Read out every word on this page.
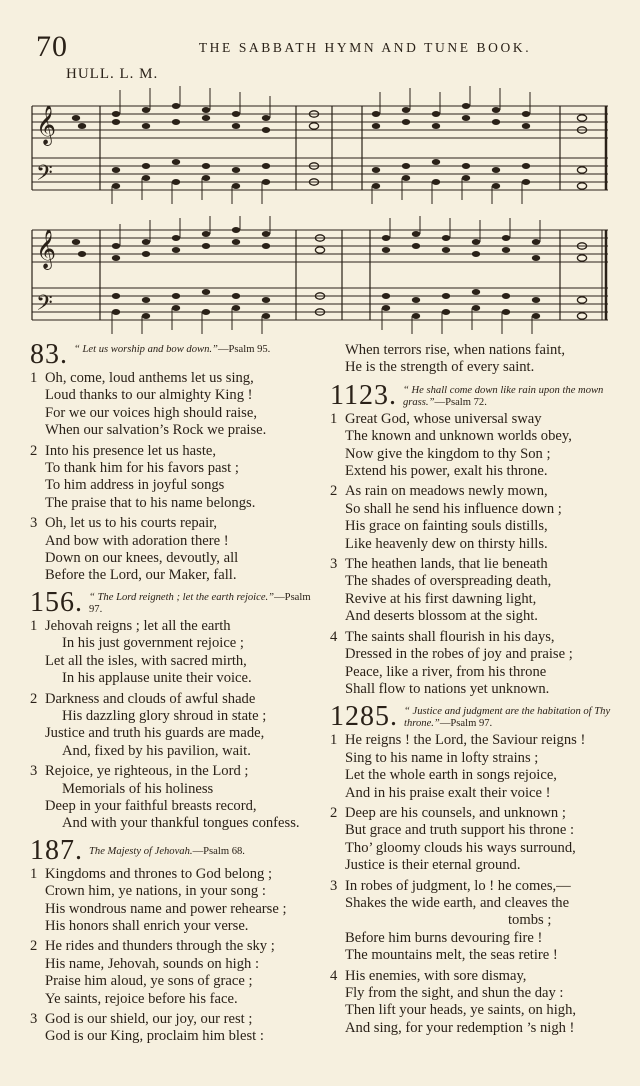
70	THE SABBATH HYMN AND TUNE BOOK.
HULL. L. M.
𝄞
𝄢
𝄞
𝄢
83. “ Let us worship and bow down.”—Psalm 95.
1 Oh, come, loud anthems let us sing,
Loud thanks to our almighty King !
For we our voices high should raise,
When our salvation’s Rock we praise.
2 Into his presence let us haste,
To thank him for his favors past ;
To him address in joyful songs
The praise that to his name belongs.
3 Oh, let us to his courts repair,
And bow with adoration there !
Down on our knees, devoutly, all
Before the Lord, our Maker, fall.
156. “ The Lord reigneth ; let the earth rejoice.”—Psalm 97.
1 Jehovah reigns ; let all the earth
In his just government rejoice ;
Let all the isles, with sacred mirth,
In his applause unite their voice.
2 Darkness and clouds of awful shade
His dazzling glory shroud in state ;
Justice and truth his guards are made,
And, fixed by his pavilion, wait.
3 Rejoice, ye righteous, in the Lord ;
Memorials of his holiness
Deep in your faithful breasts record,
And with your thankful tongues confess.
187. The Majesty of Jehovah.—Psalm 68.
1 Kingdoms and thrones to God belong ;
Crown him, ye nations, in your song :
His wondrous name and power rehearse ;
His honors shall enrich your verse.
2 He rides and thunders through the sky ;
His name, Jehovah, sounds on high :
Praise him aloud, ye sons of grace ;
Ye saints, rejoice before his face.
3 God is our shield, our joy, our rest ;
God is our King, proclaim him blest :
When terrors rise, when nations faint,
He is the strength of every saint.
1123. “ He shall come down like rain upon the mown grass.”—Psalm 72.
1 Great God, whose universal sway
The known and unknown worlds obey,
Now give the kingdom to thy Son ;
Extend his power, exalt his throne.
2 As rain on meadows newly mown,
So shall he send his influence down ;
His grace on fainting souls distills,
Like heavenly dew on thirsty hills.
3 The heathen lands, that lie beneath
The shades of overspreading death,
Revive at his first dawning light,
And deserts blossom at the sight.
4 The saints shall flourish in his days,
Dressed in the robes of joy and praise ;
Peace, like a river, from his throne
Shall flow to nations yet unknown.
1285. “ Justice and judgment are the habitation of Thy throne.”—Psalm 97.
1 He reigns ! the Lord, the Saviour reigns !
Sing to his name in lofty strains ;
Let the whole earth in songs rejoice,
And in his praise exalt their voice !
2 Deep are his counsels, and unknown ;
But grace and truth support his throne :
Tho’ gloomy clouds his ways surround,
Justice is their eternal ground.
3 In robes of judgment, lo ! he comes,—
Shakes the wide earth, and cleaves the
tombs ;
Before him burns devouring fire !
The mountains melt, the seas retire !
4 His enemies, with sore dismay,
Fly from the sight, and shun the day :
Then lift your heads, ye saints, on high,
And sing, for your redemption ’s nigh !
